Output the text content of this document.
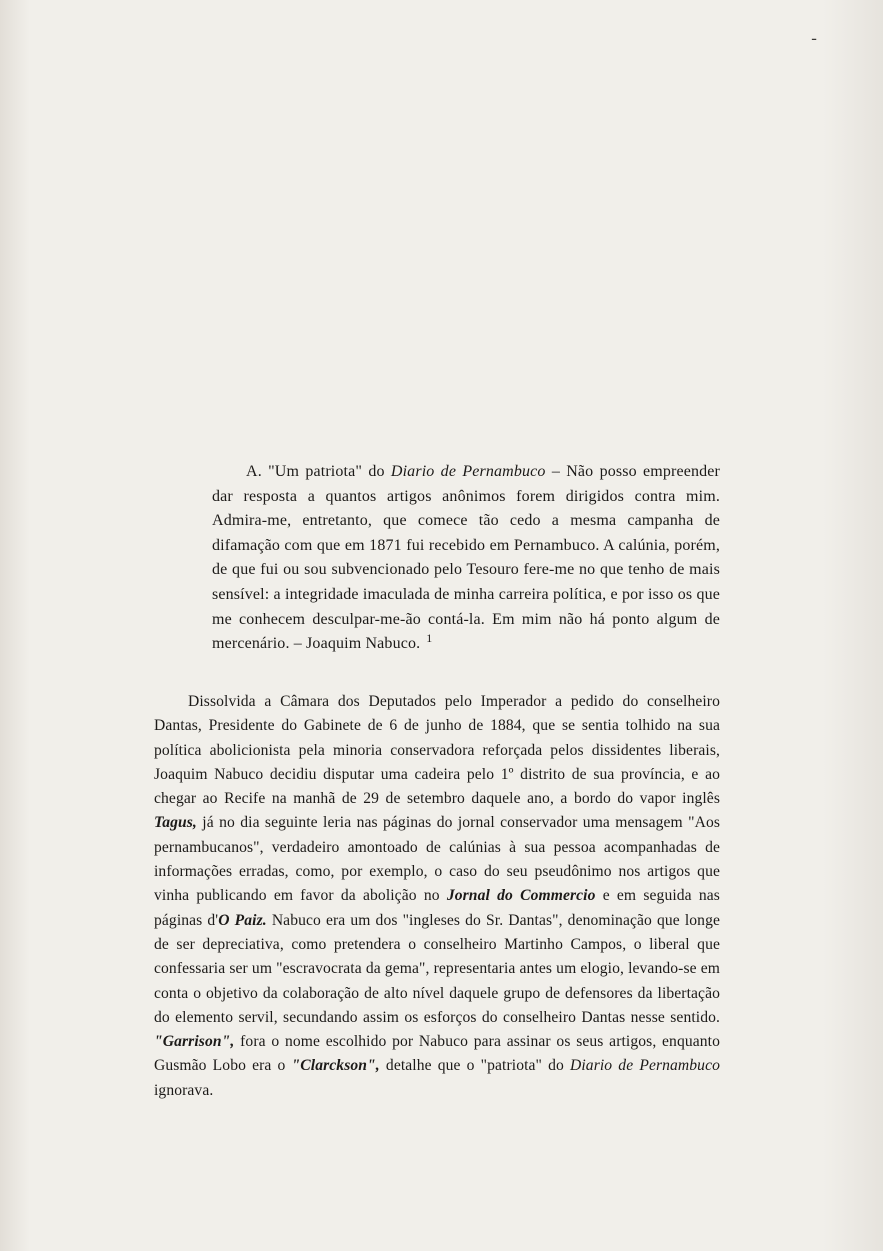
ـ

A. "Um patriota" do Diario de Pernambuco – Não posso empreender dar resposta a quantos artigos anônimos forem dirigidos contra mim. Admira-me, entretanto, que comece tão cedo a mesma campanha de difamação com que em 1871 fui recebido em Pernambuco. A calúnia, porém, de que fui ou sou subvencionado pelo Tesouro fere-me no que tenho de mais sensível: a integridade imaculada de minha carreira política, e por isso os que me conhecem desculpar-me-ão contá-la. Em mim não há ponto algum de mercenário. – Joaquim Nabuco. $^1$

Dissolvida a Câmara dos Deputados pelo Imperador a pedido do conselheiro Dantas, Presidente do Gabinete de 6 de junho de 1884, que se sentia tolhido na sua política abolicionista pela minoria conservadora reforçada pelos dissidentes liberais, Joaquim Nabuco decidiu disputar uma cadeira pelo 1º distrito de sua província, e ao chegar ao Recife na manhã de 29 de setembro daquele ano, a bordo do vapor inglês Tagus, já no dia seguinte leria nas páginas do jornal conservador uma mensagem "Aos pernambucanos", verdadeiro amontoado de calúnias à sua pessoa acompanhadas de informações erradas, como, por exemplo, o caso do seu pseudônimo nos artigos que vinha publicando em favor da abolição no Jornal do Commercio e em seguida nas páginas d'O Paiz. Nabuco era um dos "ingleses do Sr. Dantas", denominação que longe de ser depreciativa, como pretendera o conselheiro Martinho Campos, o liberal que confessaria ser um "escravocrata da gema", representaria antes um elogio, levando-se em conta o objetivo da colaboração de alto nível daquele grupo de defensores da libertação do elemento servil, secundando assim os esforços do conselheiro Dantas nesse sentido. "Garrison", fora o nome escolhido por Nabuco para assinar os seus artigos, enquanto Gusmão Lobo era o "Clarckson", detalhe que o "patriota" do Diario de Pernambuco ignorava.
